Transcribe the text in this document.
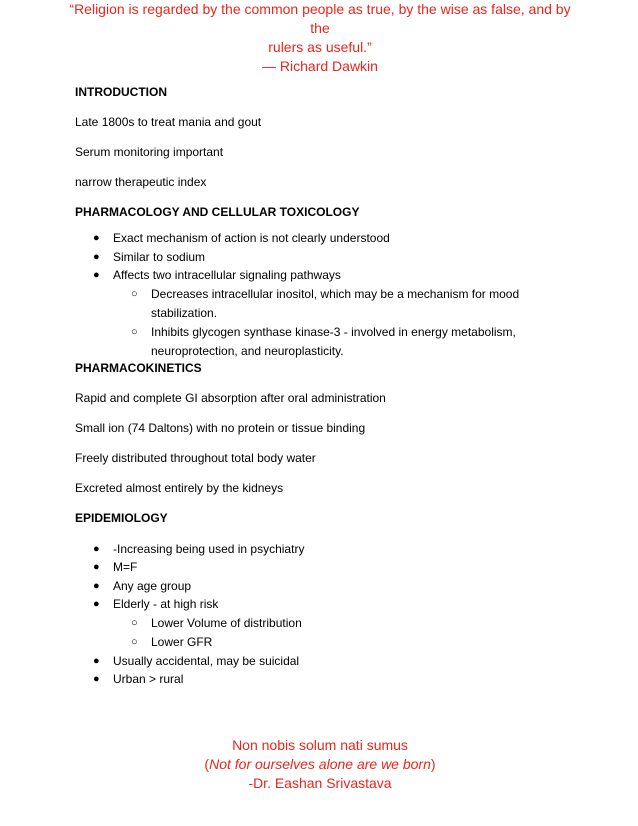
“Religion is regarded by the common people as true, by the wise as false, and by the
rulers as useful.”
― Richard Dawkin

INTRODUCTION

Late 1800s to treat mania and gout

Serum monitoring important

narrow therapeutic index

PHARMACOLOGY AND CELLULAR TOXICOLOGY

● Exact mechanism of action is not clearly understood
● Similar to sodium
● Affects two intracellular signaling pathways
○ Decreases intracellular inositol, which may be a mechanism for mood
stabilization.
○ Inhibits glycogen synthase kinase-3 - involved in energy metabolism,
neuroprotection, and neuroplasticity.

PHARMACOKINETICS

Rapid and complete GI absorption after oral administration

Small ion (74 Daltons) with no protein or tissue binding

Freely distributed throughout total body water

Excreted almost entirely by the kidneys

EPIDEMIOLOGY

● -Increasing being used in psychiatry
● M=F
● Any age group
● Elderly - at high risk
○ Lower Volume of distribution
○ Lower GFR
● Usually accidental, may be suicidal
● Urban > rural
Non nobis solum nati sumus
(Not for ourselves alone are we born)
-Dr. Eashan Srivastava
